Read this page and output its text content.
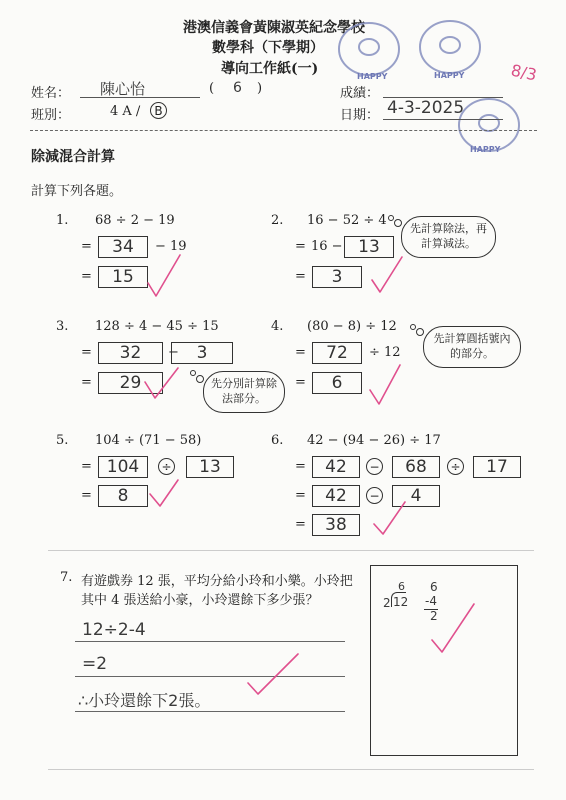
港澳信義會黃陳淑英紀念學校
數學科（下學期）
導向工作紙(一)	HAPPY	HAPPY
HAPPY
8/3
姓名： 陳心怡	( 6 )	成績：
班別：	4 A /	B	日期： 4-3-2025
除減混合計算
計算下列各題。
1. 68 ÷ 2 − 19
=	34	− 19
=	15
2. 16 − 52 ÷ 4
= 16 − 13
=	3
先計算除法，再計算減法。
3. 128 ÷ 4 − 45 ÷ 15
=	32	−	3
=	29	先分別計算除法部分。
4. (80 − 8) ÷ 12
=	72	÷ 12
=	6
先計算圓括號內的部分。
5. 104 ÷ (71 − 58)
= 104	÷	13
=	8
6. 42 − (94 − 26) ÷ 17
=	42	−	68	÷	17
=	42	−	4
=	38
7. 有遊戲券 12 張，平均分給小玲和小樂。小玲把
其中 4 張送給小豪，小玲還餘下多少張？
12÷2-4
=2
∴小玲還餘下2張。
6
2 12
6
-4
2
